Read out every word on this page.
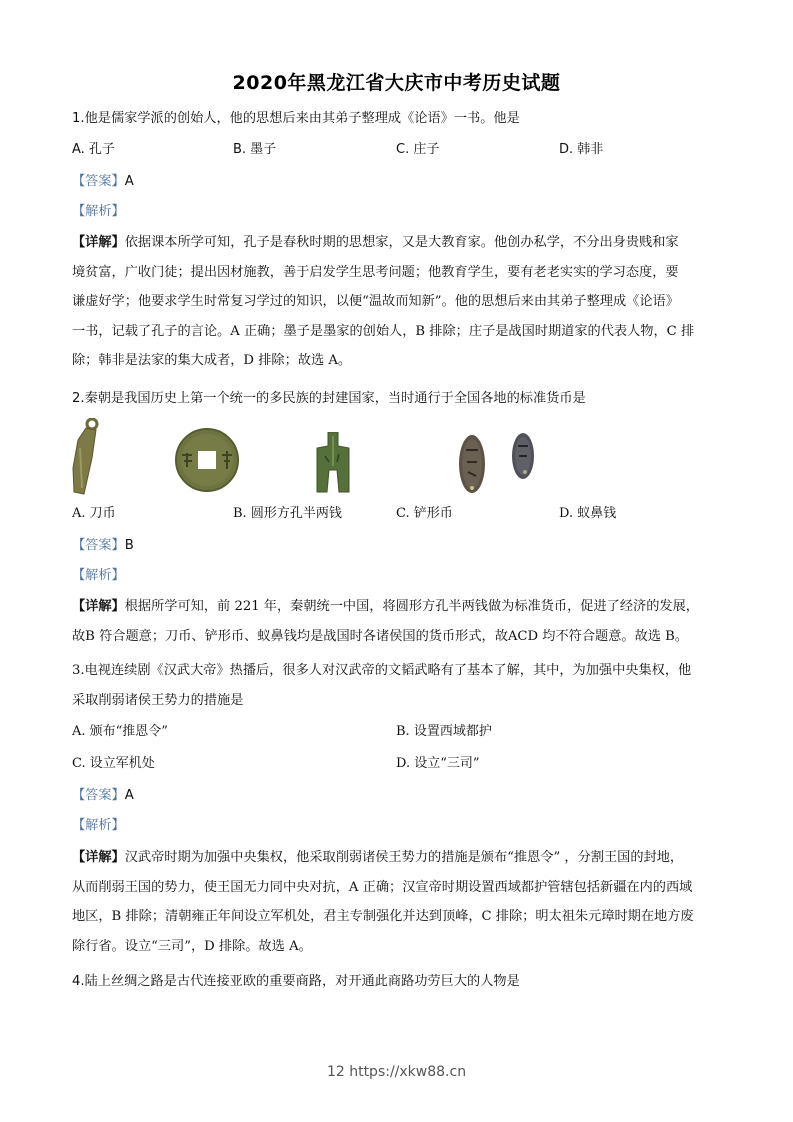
2020年黑龙江省大庆市中考历史试题
1.他是儒家学派的创始人，他的思想后来由其弟子整理成《论语》一书。他是
A. 孔子	B. 墨子	C. 庄子	D. 韩非
【答案】A
【解析】
【详解】依据课本所学可知，孔子是春秋时期的思想家，又是大教育家。他创办私学，不分出身贵贱和家
境贫富，广收门徒；提出因材施教，善于启发学生思考问题；他教育学生，要有老老实实的学习态度，要
谦虚好学；他要求学生时常复习学过的知识，以便“温故而知新”。他的思想后来由其弟子整理成《论语》
一书，记载了孔子的言论。A 正确；墨子是墨家的创始人，B 排除；庄子是战国时期道家的代表人物，C 排
除；韩非是法家的集大成者，D 排除；故选 A。
2.秦朝是我国历史上第一个统一的多民族的封建国家，当时通行于全国各地的标准货币是
A. 刀币	B. 圆形方孔半两钱	C. 铲形币	D. 蚁鼻钱
【答案】B
【解析】
【详解】根据所学可知，前 221 年，秦朝统一中国，将圆形方孔半两钱做为标准货币，促进了经济的发展，
故B 符合题意；刀币、铲形币、蚁鼻钱均是战国时各诸侯国的货币形式，故ACD 均不符合题意。故选 B。
3.电视连续剧《汉武大帝》热播后，很多人对汉武帝的文韬武略有了基本了解，其中，为加强中央集权，他
采取削弱诸侯王势力的措施是
A. 颁布“推恩令”	B. 设置西域都护
C. 设立军机处	D. 设立“三司”
【答案】A
【解析】
【详解】汉武帝时期为加强中央集权，他采取削弱诸侯王势力的措施是颁布“推恩令” ，分割王国的封地，
从而削弱王国的势力，使王国无力同中央对抗，A 正确；汉宣帝时期设置西域都护管辖包括新疆在内的西域
地区，B 排除；清朝雍正年间设立军机处，君主专制强化并达到顶峰，C 排除；明太祖朱元璋时期在地方废
除行省。设立“三司”，D 排除。故选 A。
4.陆上丝绸之路是古代连接亚欧的重要商路，对开通此商路功劳巨大的人物是
12 https://xkw88.cn
